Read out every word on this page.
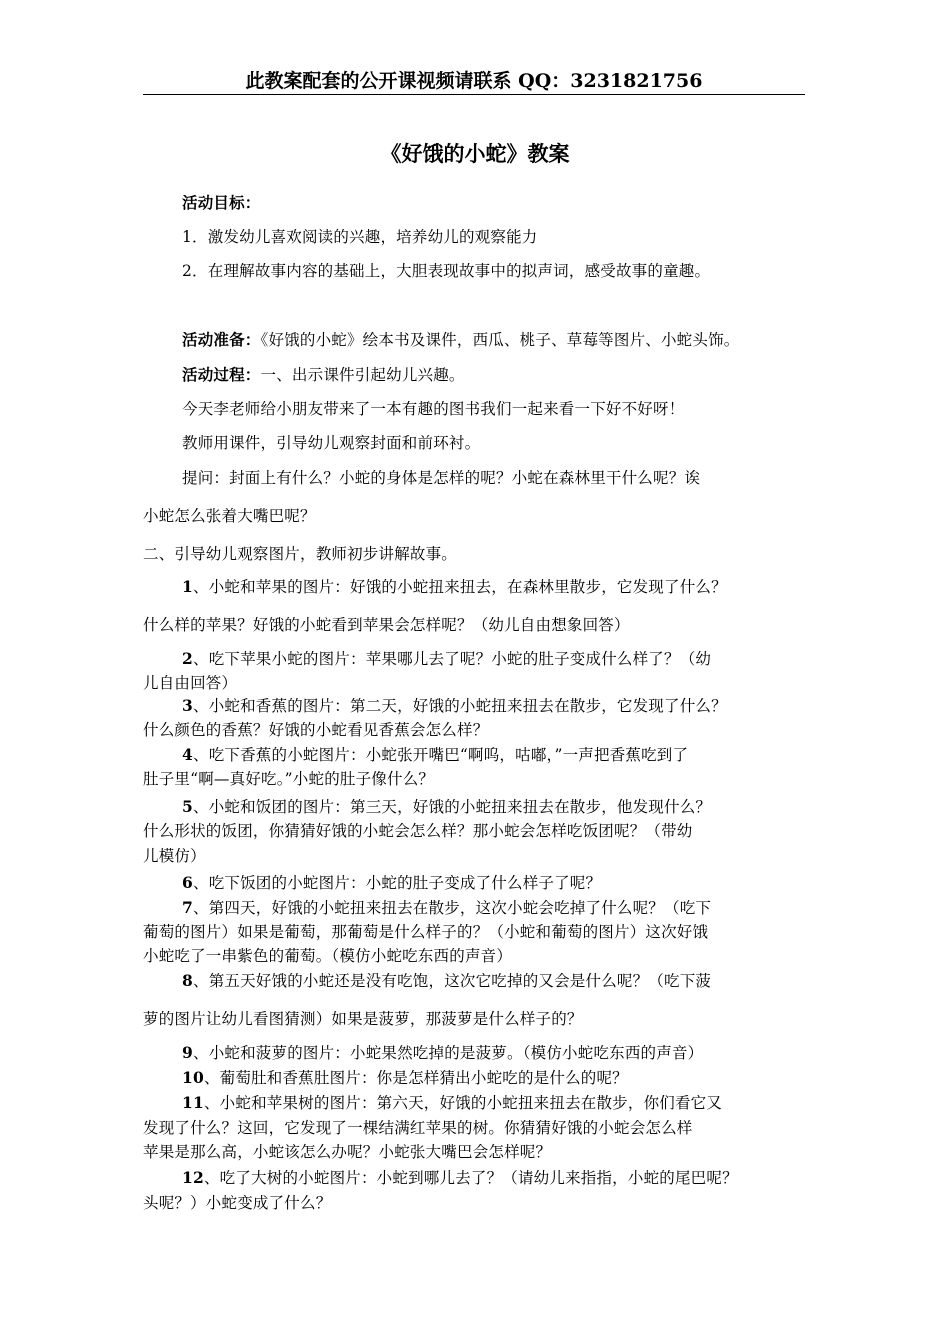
此教案配套的公开课视频请联系 QQ：3231821756
《好饿的小蛇》教案
活动目标：
1．激发幼儿喜欢阅读的兴趣，培养幼儿的观察能力
2．在理解故事内容的基础上，大胆表现故事中的拟声词，感受故事的童趣。
活动准备：《好饿的小蛇》绘本书及课件，西瓜、桃子、草莓等图片、小蛇头饰。
活动过程：一、出示课件引起幼儿兴趣。
今天李老师给小朋友带来了一本有趣的图书我们一起来看一下好不好呀！
教师用课件，引导幼儿观察封面和前环衬。
提问：封面上有什么？小蛇的身体是怎样的呢？小蛇在森林里干什么呢？诶
小蛇怎么张着大嘴巴呢？
二、引导幼儿观察图片，教师初步讲解故事。
1、小蛇和苹果的图片：好饿的小蛇扭来扭去，在森林里散步，它发现了什么？
什么样的苹果？好饿的小蛇看到苹果会怎样呢？（幼儿自由想象回答）
2、吃下苹果小蛇的图片：苹果哪儿去了呢？小蛇的肚子变成什么样了？（幼
儿自由回答）
3、小蛇和香蕉的图片：第二天，好饿的小蛇扭来扭去在散步，它发现了什么？
什么颜色的香蕉？好饿的小蛇看见香蕉会怎么样？
4、吃下香蕉的小蛇图片：小蛇张开嘴巴“啊呜，咕嘟，”一声把香蕉吃到了
肚子里“啊—真好吃。”小蛇的肚子像什么？
5、小蛇和饭团的图片：第三天，好饿的小蛇扭来扭去在散步，他发现什么？
什么形状的饭团，你猜猜好饿的小蛇会怎么样？那小蛇会怎样吃饭团呢？（带幼
儿模仿）
6、吃下饭团的小蛇图片：小蛇的肚子变成了什么样子了呢？
7、第四天，好饿的小蛇扭来扭去在散步，这次小蛇会吃掉了什么呢？（吃下
葡萄的图片）如果是葡萄，那葡萄是什么样子的？（小蛇和葡萄的图片）这次好饿
小蛇吃了一串紫色的葡萄。（模仿小蛇吃东西的声音）
8、第五天好饿的小蛇还是没有吃饱，这次它吃掉的又会是什么呢？（吃下菠
萝的图片让幼儿看图猜测）如果是菠萝，那菠萝是什么样子的？
9、小蛇和菠萝的图片：小蛇果然吃掉的是菠萝。（模仿小蛇吃东西的声音）
10、葡萄肚和香蕉肚图片：你是怎样猜出小蛇吃的是什么的呢？
11、小蛇和苹果树的图片：第六天，好饿的小蛇扭来扭去在散步，你们看它又
发现了什么？这回，它发现了一棵结满红苹果的树。你猜猜好饿的小蛇会怎么样
苹果是那么高，小蛇该怎么办呢？小蛇张大嘴巴会怎样呢？
12、吃了大树的小蛇图片：小蛇到哪儿去了？（请幼儿来指指，小蛇的尾巴呢？
头呢？）小蛇变成了什么？
